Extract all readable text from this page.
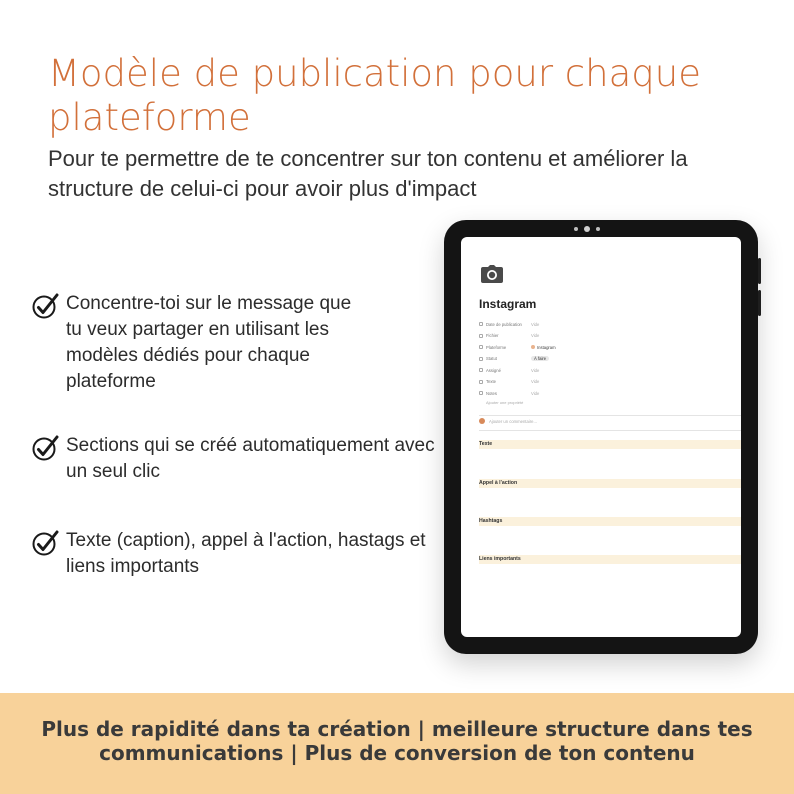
Modèle de publication pour chaque plateforme

Pour te permettre de te concentrer sur ton contenu et améliorer la structure de celui-ci pour avoir plus d'impact

Concentre-toi sur le message que tu veux partager en utilisant les modèles dédiés pour chaque plateforme
Sections qui se créé automatiquement avec un seul clic
Texte (caption), appel à l'action, hastags et liens importants
Instagram
Date de publication Vide
Fichier	Vide
Plateforme	Instagram
Statut	À faire
Assigné	Vide
Texte	Vide
Notes	Vide
Ajouter une propriété
Ajouter un commentaire...
Texte
Appel à l'action
Hashtags
Liens importants

Plus de rapidité dans ta création | meilleure structure dans tes communications | Plus de conversion de ton contenu
